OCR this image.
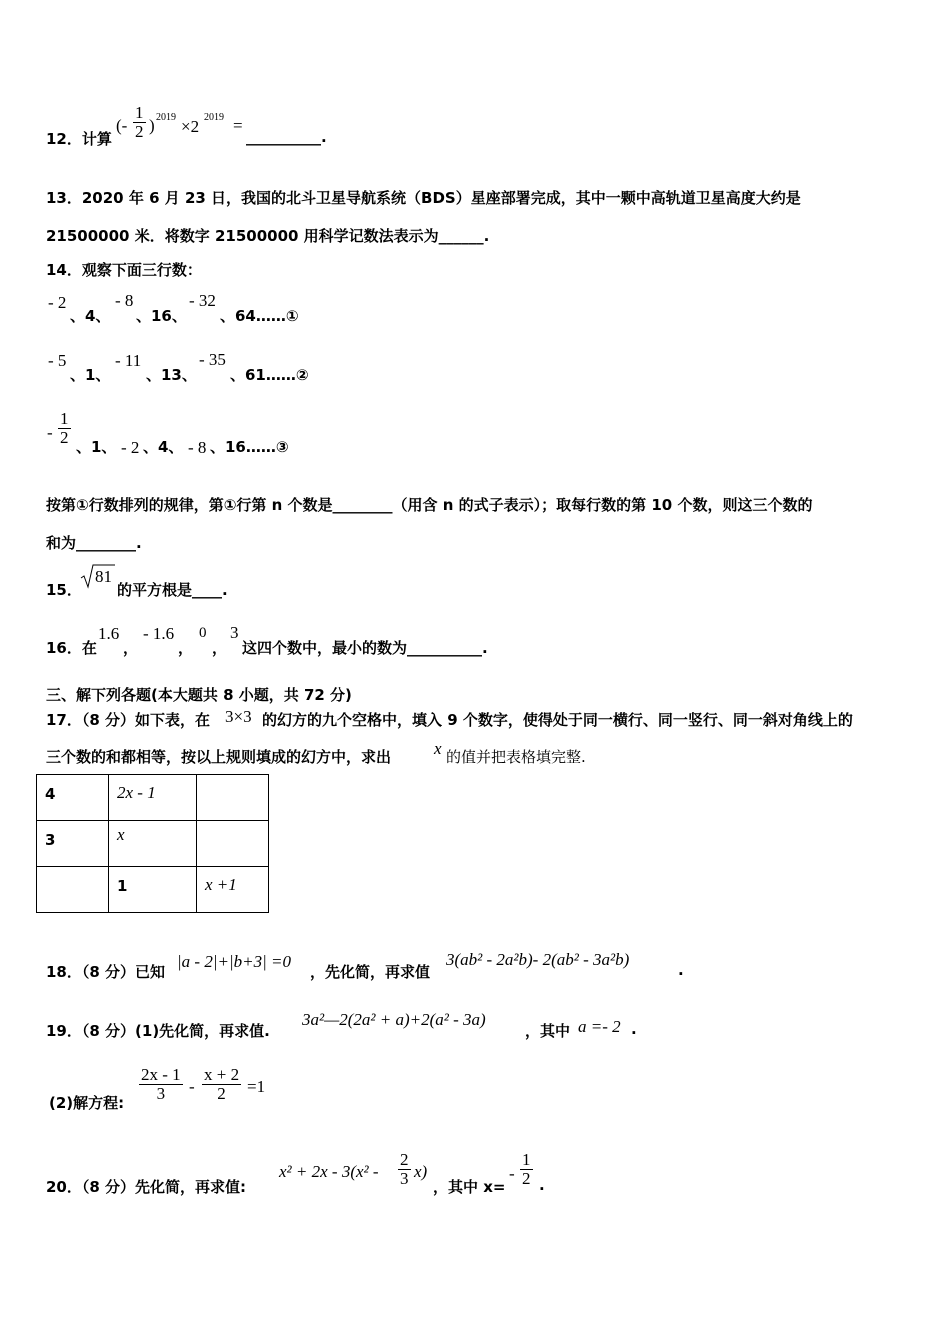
12．计算
(-
1
2 ) 2019 ×2 2019 =
__________.
13．2020 年 6 月 23 日，我国的北斗卫星导航系统（BDS）星座部署完成，其中一颗中高轨道卫星高度大约是
21500000 米．将数字 21500000 用科学记数法表示为______.
14．观察下面三行数：
- 2
、4、
- 8
、16、
- 32
、64……①
- 5
、1、
- 11
、13、
- 35
、61……②
-
1
2 、1、 - 2 、4、 - 8 、16……③
按第①行数排列的规律，第①行第 n 个数是________（用含 n 的式子表示）；取每行数的第 10 个数，则这三个数的
和为________.
15．
81
的平方根是____.
16．在
1.6
，
- 1.6
，
0
，
3
这四个数中，最小的数为__________.
三、解下列各题(本大题共 8 小题，共 72 分)
17．（8 分）如下表，在 3×3 的幻方的九个空格中，填入 9 个数字，使得处于同一横行、同一竖行、同一斜对角线上的
三个数的和都相等，按以上规则填成的幻方中，求出	x 的值并把表格填完整.
4	2x - 1	
3	x	
	1	x +1
18．（8 分）已知
|a - 2|+|b+3| =0
，先化简，再求值
3(ab² - 2a²b)- 2(ab² - 3a²b)
.
19．（8 分）(1)先化简，再求值.
3a²—2(2a² + a)+2(a² - 3a)
，其中 a =- 2 .
(2)解方程:
2x - 1
3	-
x + 2
2	=1
20．（8 分）先化简，再求值:
x² + 2x - 3(x² -
2
3 x)
，其中 x=
-
1
2 .
